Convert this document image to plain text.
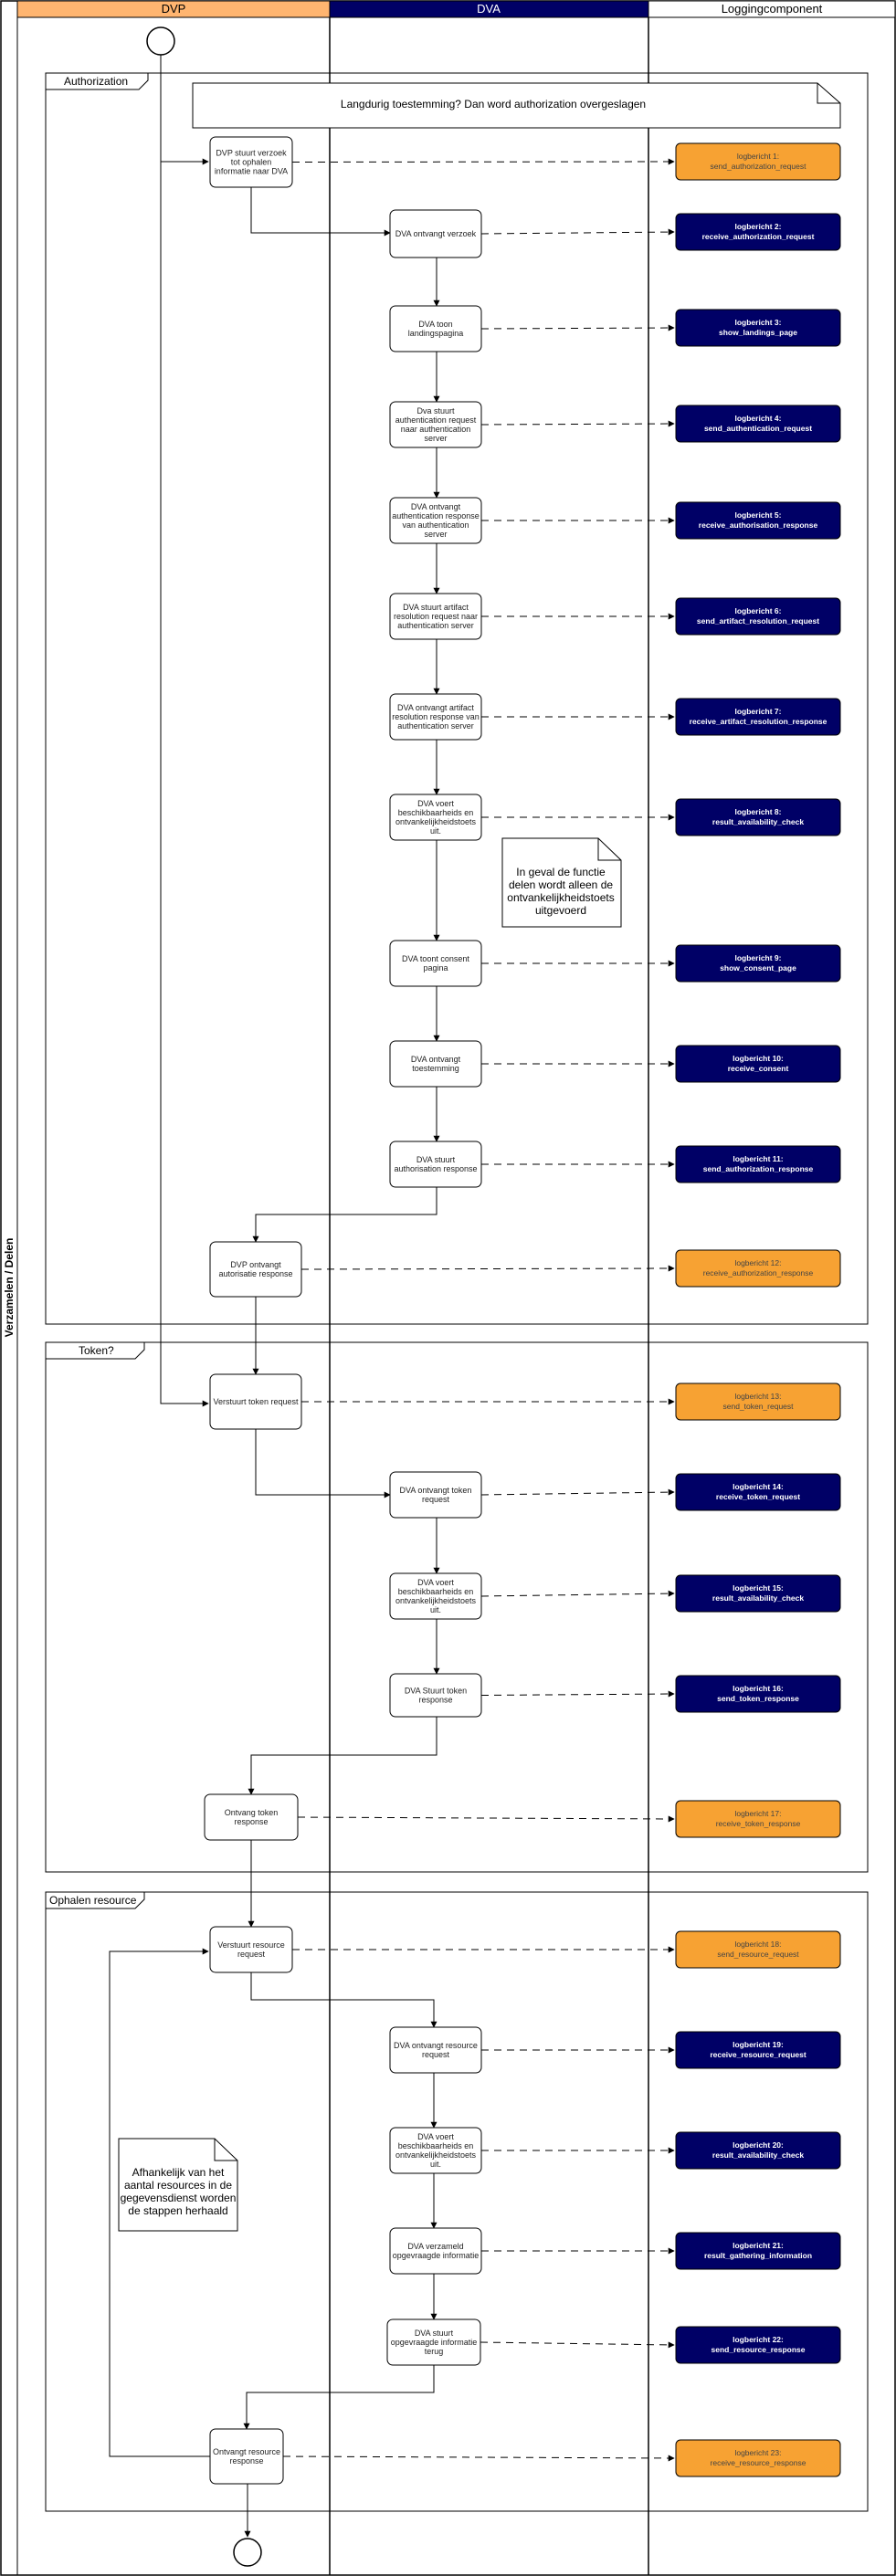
Verzamelen / Delen
DVP	DVA	Loggingcomponent
Authorization
Token?
Ophalen resource
Langdurig toestemming? Dan word authorization overgeslagen
In geval de functie
delen wordt alleen de
ontvankelijkheidstoets
uitgevoerd
Afhankelijk van het
aantal resources in de
gegevensdienst worden
de stappen herhaald
DVP stuurt verzoek
tot ophalen
informatie naar DVA
DVA ontvangt verzoek
DVA toon
landingspagina
Dva stuurt
authentication request
naar authentication
server
DVA ontvangt
authentication response
van authentication
server
DVA stuurt artifact
resolution request naar
authentication server
DVA ontvangt artifact
resolution response van
authentication server
DVA voert
beschikbaarheids en
ontvankelijkheidstoets
uit.
DVA toont consent
pagina
DVA ontvangt
toestemming
DVA stuurt
authorisation response
DVP ontvangt
autorisatie response
Verstuurt token request
DVA ontvangt token
request
DVA voert
beschikbaarheids en
ontvankelijkheidstoets
uit.
DVA Stuurt token
response
Ontvang token
response
Verstuurt resource
request
DVA ontvangt resource
request
DVA voert
beschikbaarheids en
ontvankelijkheidstoets
uit.
DVA verzameld
opgevraagde informatie
DVA stuurt
opgevraagde informatie
terug
Ontvangt resource
response
logbericht 1:
send_authorization_request
logbericht 2:
receive_authorization_request
logbericht 3:
show_landings_page
logbericht 4:
send_authentication_request
logbericht 5:
receive_authorisation_response
logbericht 6:
send_artifact_resolution_request
logbericht 7:
receive_artifact_resolution_response
logbericht 8:
result_availability_check
logbericht 9:
show_consent_page
logbericht 10:
receive_consent
logbericht 11:
send_authorization_response
logbericht 12:
receive_authorization_response
logbericht 13:
send_token_request
logbericht 14:
receive_token_request
logbericht 15:
result_availability_check
logbericht 16:
send_token_response
logbericht 17:
receive_token_response
logbericht 18:
send_resource_request
logbericht 19:
receive_resource_request
logbericht 20:
result_availability_check
logbericht 21:
result_gathering_information
logbericht 22:
send_resource_response
logbericht 23:
receive_resource_response
